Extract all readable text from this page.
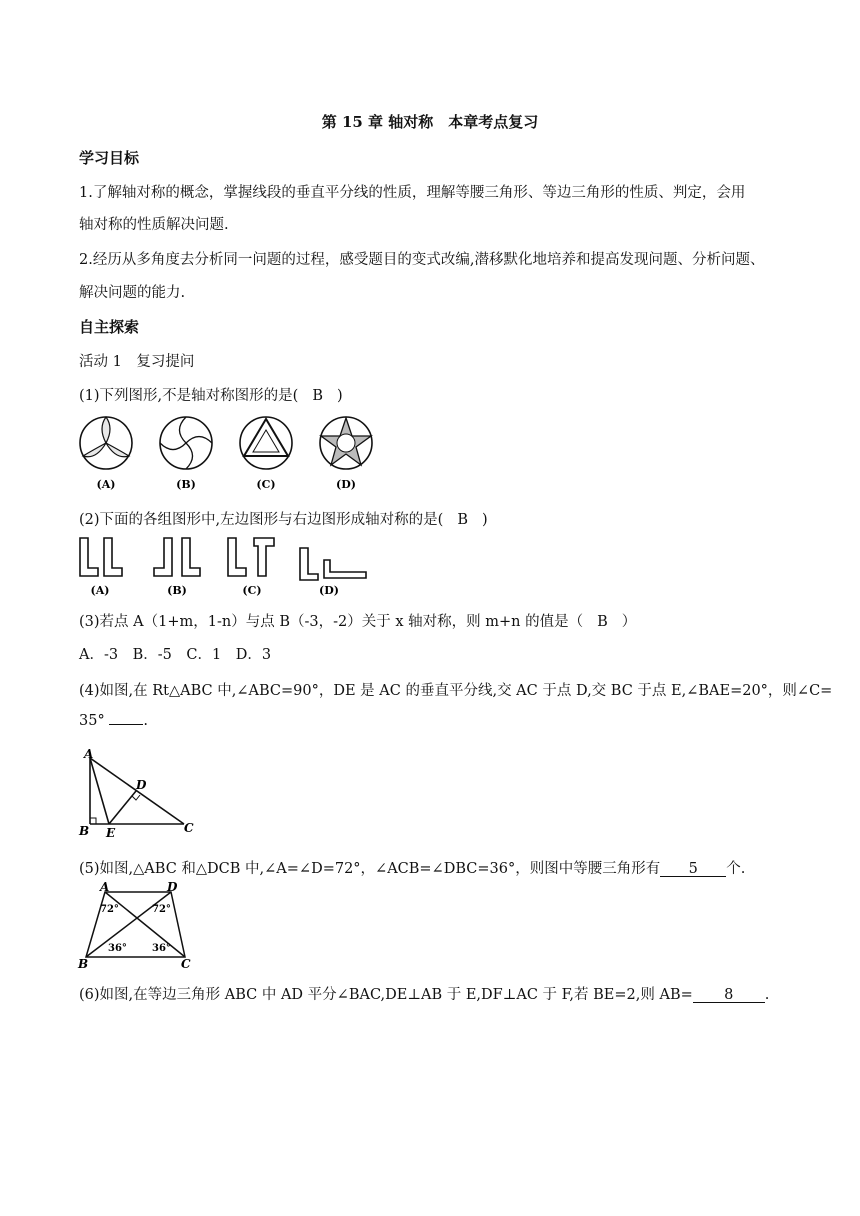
第 15 章 轴对称　本章考点复习
学习目标
1.了解轴对称的概念，掌握线段的垂直平分线的性质，理解等腰三角形、等边三角形的性质、判定，会用
轴对称的性质解决问题.
2.经历从多角度去分析同一问题的过程，感受题目的变式改编,潜移默化地培养和提高发现问题、分析问题、
解决问题的能力.
自主探索
活动 1　复习提问
(1)下列图形,不是轴对称图形的是( B )
(A)	(B)	(C)	(D)
(2)下面的各组图形中,左边图形与右边图形成轴对称的是( B )
(A)	(B)	(C)	(D)
(3)若点 A（1+m，1-n）与点 B（-3，-2）关于 x 轴对称，则 m+n 的值是（ B ）
A．-3　B．-5　C．1　D．3
(4)如图,在 Rt△ABC 中,∠ABC=90°，DE 是 AC 的垂直平分线,交 AC 于点 D,交 BC 于点 E,∠BAE=20°，则∠C=
35°	.
A
B	C
D
E
(5)如图,△ABC 和△DCB 中,∠A=∠D=72°，∠ACB=∠DBC=36°，则图中等腰三角形有 5 个.
A	D
B	C
72°	72°
36°	36°
(6)如图,在等边三角形 ABC 中 AD 平分∠BAC,DE⊥AB 于 E,DF⊥AC 于 F,若 BE=2,则 AB= 8 .
